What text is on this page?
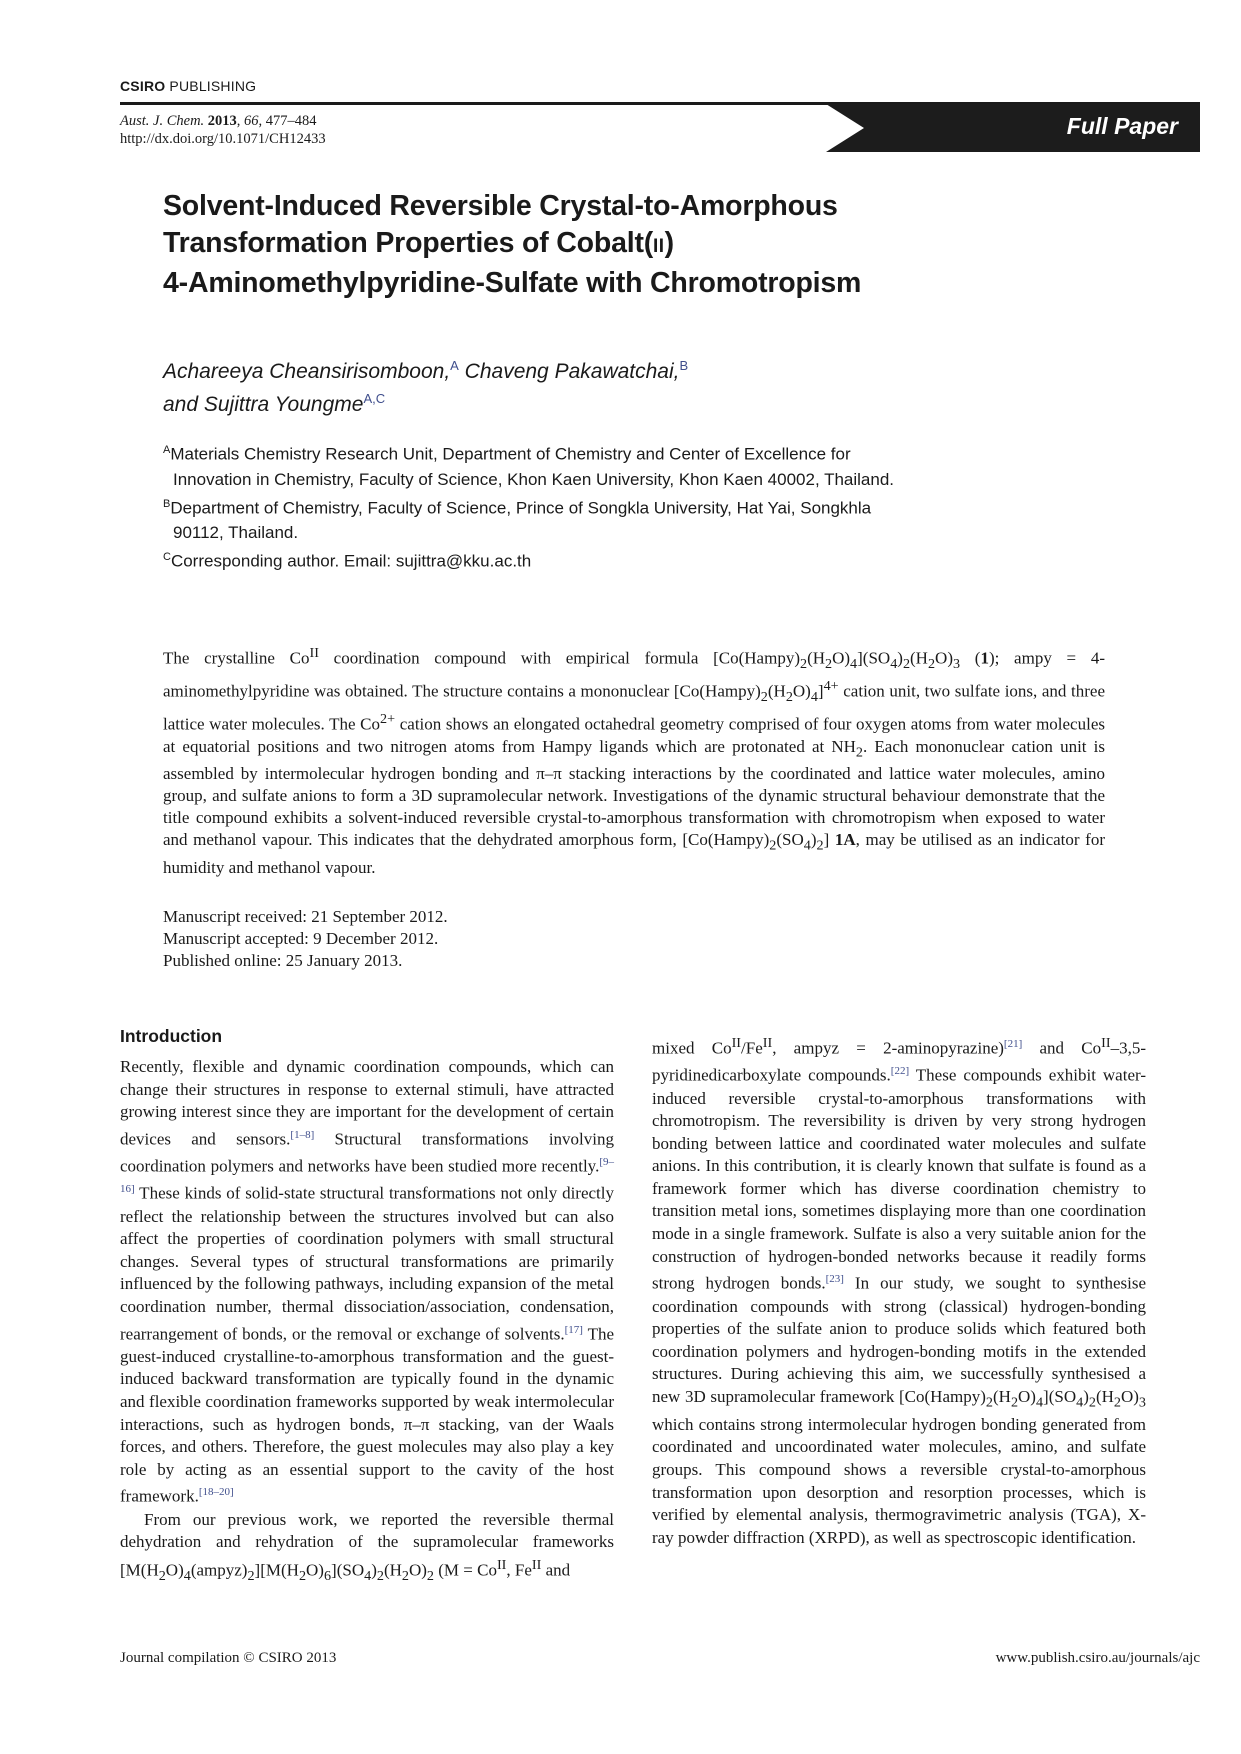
CSIRO PUBLISHING
Aust. J. Chem. 2013, 66, 477–484
http://dx.doi.org/10.1071/CH12433	Full Paper
Solvent-Induced Reversible Crystal-to-Amorphous
Transformation Properties of Cobalt(II)
4-Aminomethylpyridine-Sulfate with Chromotropism
Achareeya Cheansirisomboon,$^A$ Chaveng Pakawatchai,$^B$
and Sujittra Youngme$^{A,C}$

$^A$Materials Chemistry Research Unit, Department of Chemistry and Center of Excellence for Innovation in Chemistry, Faculty of Science, Khon Kaen University, Khon Kaen 40002, Thailand.

$^B$Department of Chemistry, Faculty of Science, Prince of Songkla University, Hat Yai, Songkhla 90112, Thailand.

$^C$Corresponding author. Email: sujittra@kku.ac.th

The crystalline $Co^{II}$ coordination compound with empirical formula $[Co(Hampy)_2(H_2O)_4](SO_4)_2(H_2O)_3$ (1); ampy = 4-aminomethylpyridine was obtained. The structure contains a mononuclear $[Co(Hampy)_2(H_2O)_4]^{4+}$ cation unit, two sulfate ions, and three lattice water molecules. The $Co^{2+}$ cation shows an elongated octahedral geometry comprised of four oxygen atoms from water molecules at equatorial positions and two nitrogen atoms from Hampy ligands which are protonated at $NH_2$. Each mononuclear cation unit is assembled by intermolecular hydrogen bonding and π–π stacking interactions by the coordinated and lattice water molecules, amino group, and sulfate anions to form a 3D supramolecular network. Investigations of the dynamic structural behaviour demonstrate that the title compound exhibits a solvent-induced reversible crystal-to-amorphous transformation with chromotropism when exposed to water and methanol vapour. This indicates that the dehydrated amorphous form, $[Co(Hampy)_2(SO_4)_2]$ 1A, may be utilised as an indicator for humidity and methanol vapour.

Manuscript received: 21 September 2012.
Manuscript accepted: 9 December 2012.
Published online: 25 January 2013.
Introduction

Recently, flexible and dynamic coordination compounds, which can change their structures in response to external stimuli, have attracted growing interest since they are important for the development of certain devices and sensors.[1–8] Structural transformations involving coordination polymers and networks have been studied more recently.[9–16] These kinds of solid-state structural transformations not only directly reflect the relationship between the structures involved but can also affect the properties of coordination polymers with small structural changes. Several types of structural transformations are primarily influenced by the following pathways, including expansion of the metal coordination number, thermal dissociation/association, condensation, rearrangement of bonds, or the removal or exchange of solvents.[17] The guest-induced crystalline-to-amorphous transformation and the guest-induced backward transformation are typically found in the dynamic and flexible coordination frameworks supported by weak intermolecular interactions, such as hydrogen bonds, π–π stacking, van der Waals forces, and others. Therefore, the guest molecules may also play a key role by acting as an essential support to the cavity of the host framework.[18–20]

From our previous work, we reported the reversible thermal dehydration and rehydration of the supramolecular frameworks $[M(H_2O)_4(ampyz)_2][M(H_2O)_6](SO_4)_2(H_2O)_2$ ($M = Co^{II}$, $Fe^{II}$ and

mixed $Co^{II}/Fe^{II}$, ampyz = 2-aminopyrazine)[21] and $Co^{II}-3,5$-pyridinedicarboxylate compounds.[22] These compounds exhibit water-induced reversible crystal-to-amorphous transformations with chromotropism. The reversibility is driven by very strong hydrogen bonding between lattice and coordinated water molecules and sulfate anions. In this contribution, it is clearly known that sulfate is found as a framework former which has diverse coordination chemistry to transition metal ions, sometimes displaying more than one coordination mode in a single framework. Sulfate is also a very suitable anion for the construction of hydrogen-bonded networks because it readily forms strong hydrogen bonds.[23] In our study, we sought to synthesise coordination compounds with strong (classical) hydrogen-bonding properties of the sulfate anion to produce solids which featured both coordination polymers and hydrogen-bonding motifs in the extended structures. During achieving this aim, we successfully synthesised a new 3D supramolecular framework $[Co(Hampy)_2(H_2O)_4](SO_4)_2(H_2O)_3$ which contains strong intermolecular hydrogen bonding generated from coordinated and uncoordinated water molecules, amino, and sulfate groups. This compound shows a reversible crystal-to-amorphous transformation upon desorption and resorption processes, which is verified by elemental analysis, thermogravimetric analysis (TGA), X-ray powder diffraction (XRPD), as well as spectroscopic identification.

Journal compilation © CSIRO 2013	www.publish.csiro.au/journals/ajc
